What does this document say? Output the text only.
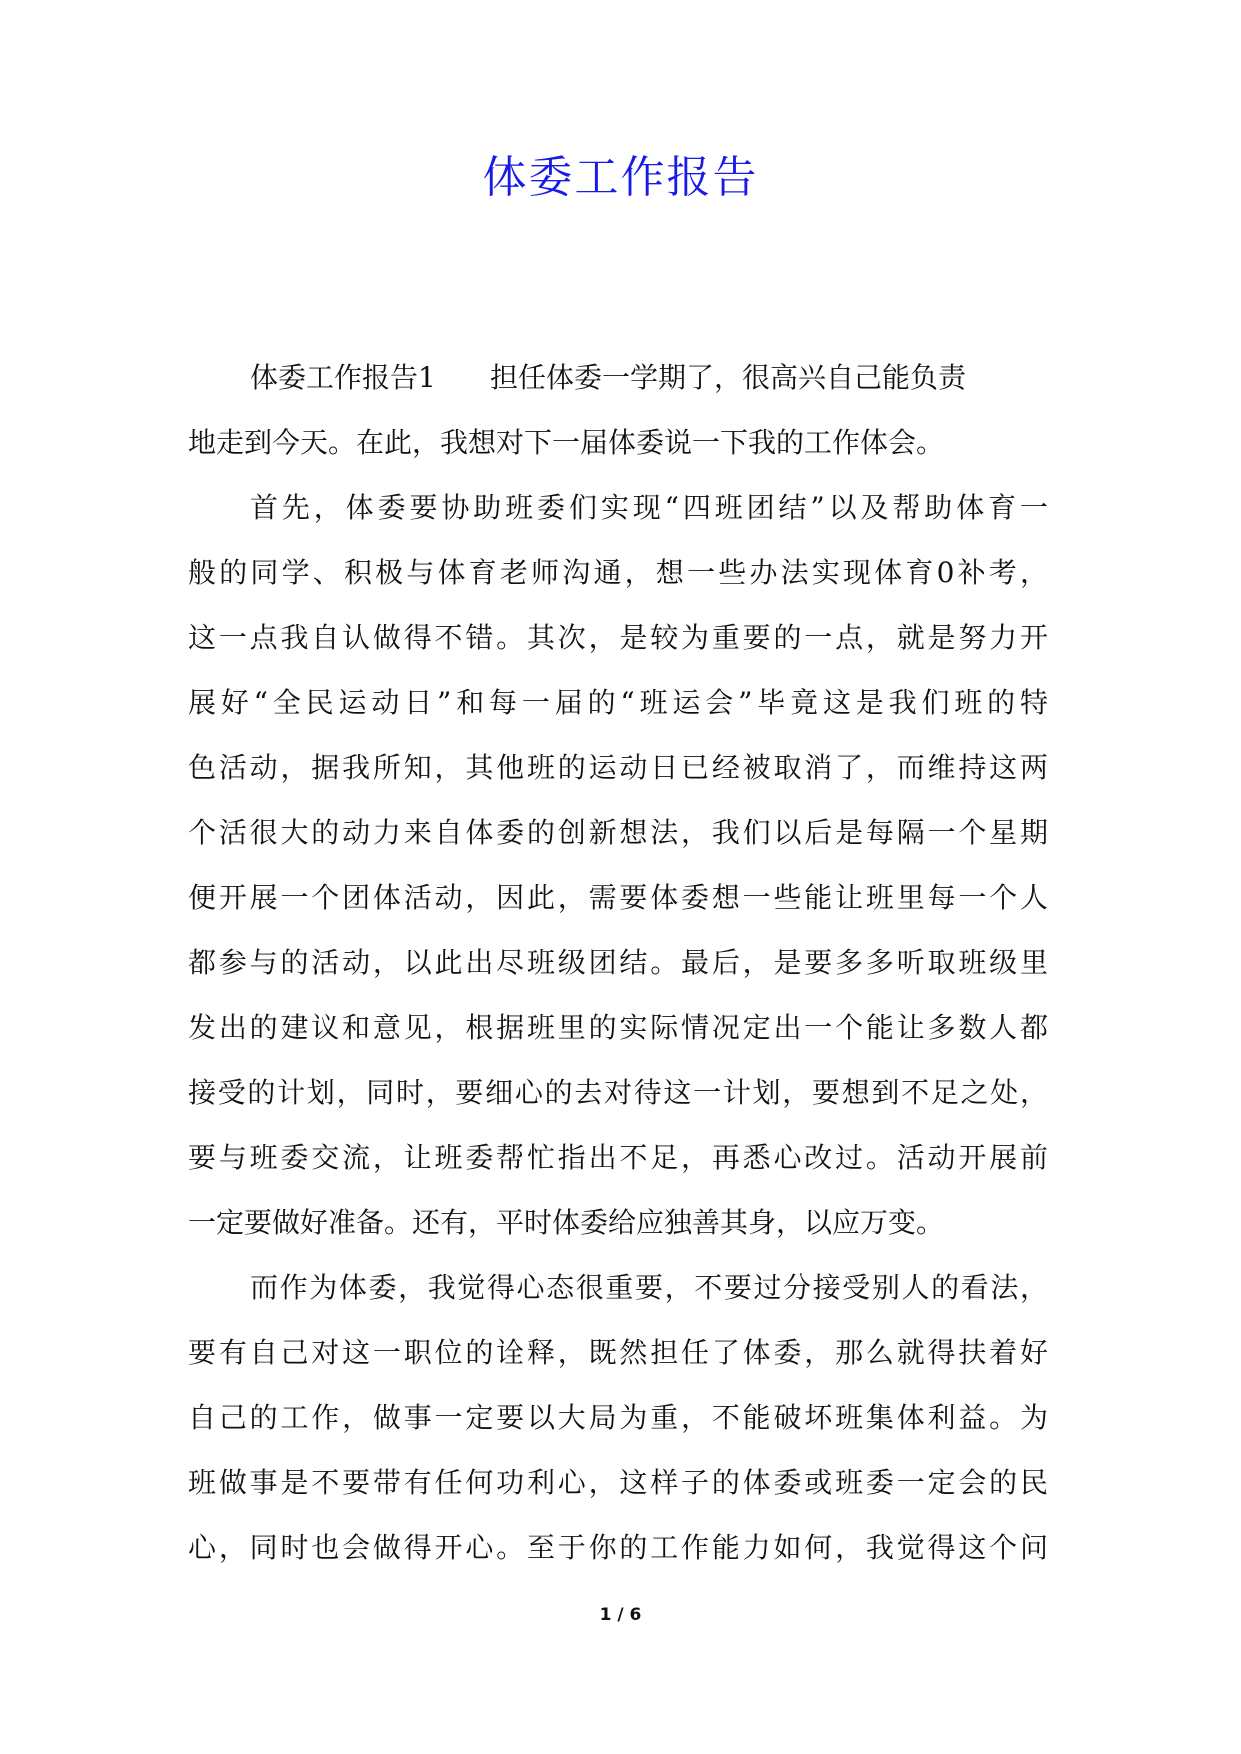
体委工作报告
体委工作报告1 担任体委一学期了，很高兴自己能负责
地走到今天。在此，我想对下一届体委说一下我的工作体会。
首先，体委要协助班委们实现“四班团结”以及帮助体育一
般的同学、积极与体育老师沟通，想一些办法实现体育0补考，
这一点我自认做得不错。其次，是较为重要的一点，就是努力开
展好“全民运动日”和每一届的“班运会”毕竟这是我们班的特
色活动，据我所知，其他班的运动日已经被取消了，而维持这两
个活很大的动力来自体委的创新想法，我们以后是每隔一个星期
便开展一个团体活动，因此，需要体委想一些能让班里每一个人
都参与的活动，以此出尽班级团结。最后，是要多多听取班级里
发出的建议和意见，根据班里的实际情况定出一个能让多数人都
接受的计划，同时，要细心的去对待这一计划，要想到不足之处，
要与班委交流，让班委帮忙指出不足，再悉心改过。活动开展前
一定要做好准备。还有，平时体委给应独善其身，以应万变。
而作为体委，我觉得心态很重要，不要过分接受别人的看法，
要有自己对这一职位的诠释，既然担任了体委，那么就得扶着好
自己的工作，做事一定要以大局为重，不能破坏班集体利益。为
班做事是不要带有任何功利心，这样子的体委或班委一定会的民
心，同时也会做得开心。至于你的工作能力如何，我觉得这个问
1 / 6
